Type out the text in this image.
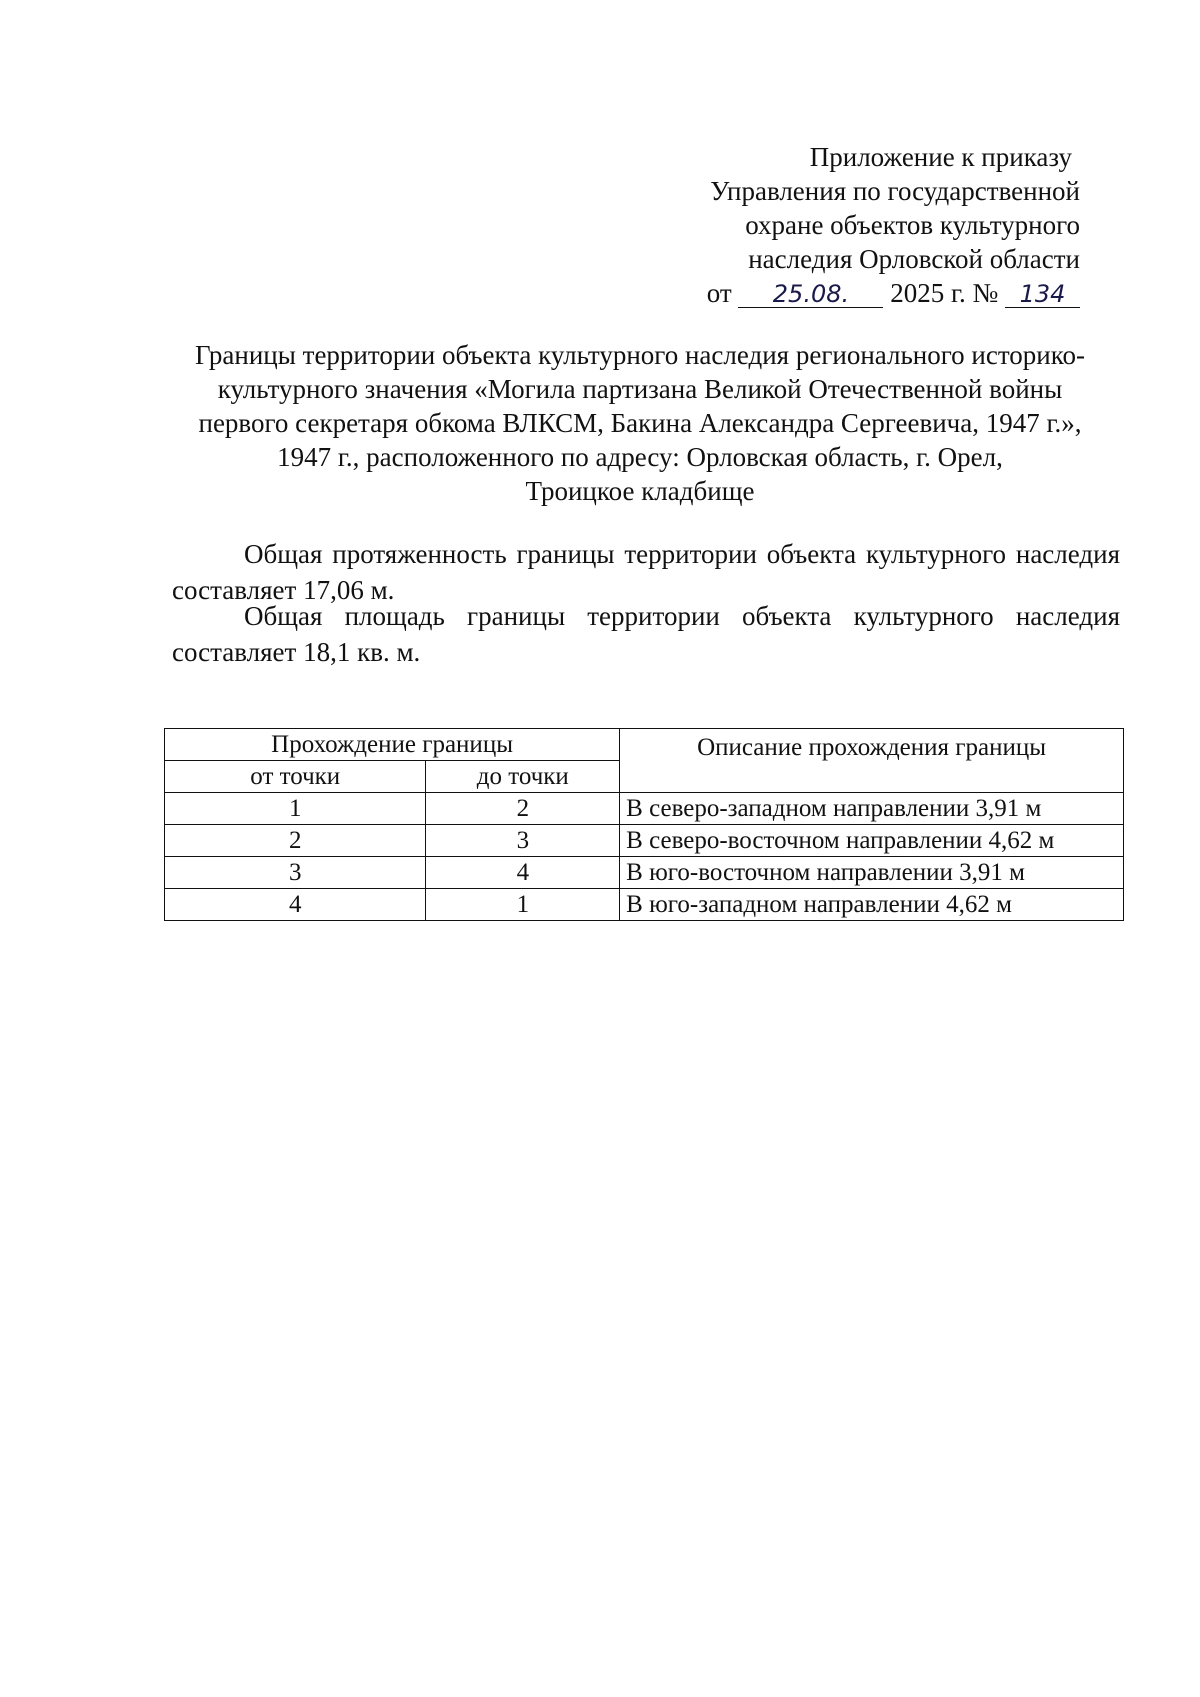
Приложение к приказу
Управления по государственной
охране объектов культурного
наследия Орловской области
от 25.08. 2025 г. № 134
Границы территории объекта культурного наследия регионального историко-
культурного значения «Могила партизана Великой Отечественной войны
первого секретаря обкома ВЛКСМ, Бакина Александра Сергеевича, 1947 г.»,
1947 г., расположенного по адресу: Орловская область, г. Орел,
Троицкое кладбище
Общая протяженность границы территории объекта культурного наследия составляет 17,06 м.
Общая площадь границы территории объекта культурного наследия составляет 18,1 кв. м.
Прохождение границы		Описание прохождения границы
от точки	до точки	
1	2	В северо-западном направлении 3,91 м
2	3	В северо-восточном направлении 4,62 м
3	4	В юго-восточном направлении 3,91 м
4	1	В юго-западном направлении 4,62 м
